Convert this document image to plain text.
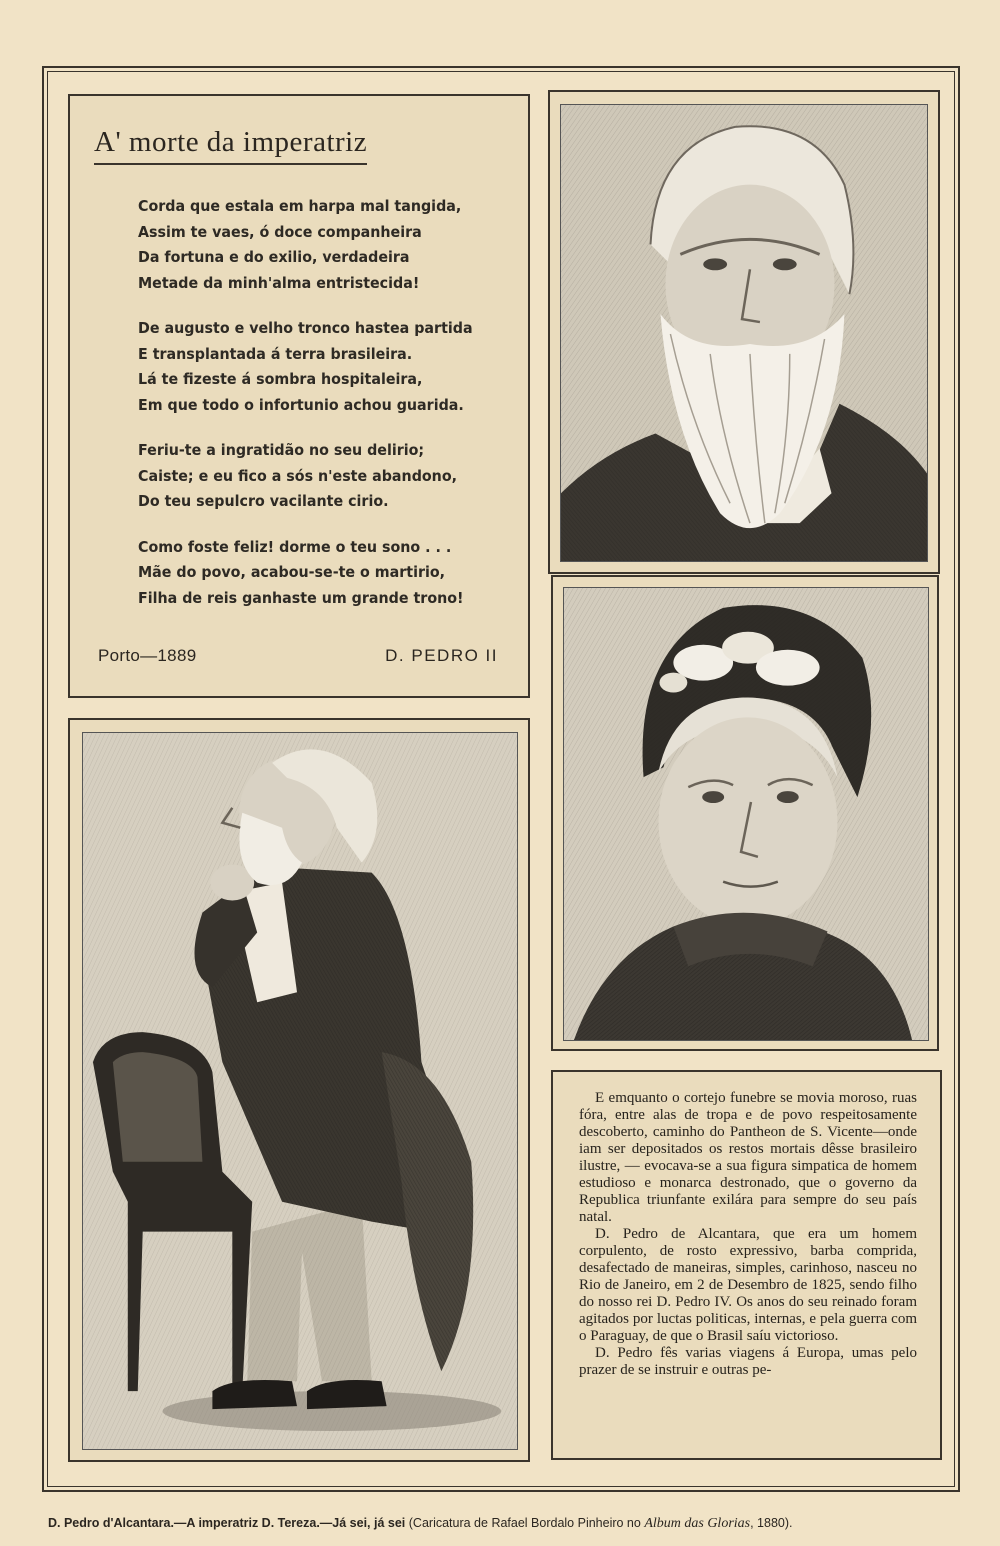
A' morte da imperatriz
Corda que estala em harpa mal tangida,
Assim te vaes, ó doce companheira
Da fortuna e do exilio, verdadeira
Metade da minh'alma entristecida!
De augusto e velho tronco hastea partida
E transplantada á terra brasileira.
Lá te fizeste á sombra hospitaleira,
Em que todo o infortunio achou guarida.
Feriu-te a ingratidão no seu delirio;
Caiste; e eu fico a sós n'este abandono,
Do teu sepulcro vacilante cirio.
Como foste feliz! dorme o teu sono . . .
Mãe do povo, acabou-se-te o martirio,
Filha de reis ganhaste um grande trono!
Porto—1889	D. PEDRO II

E emquanto o cortejo funebre se movia moroso, ruas fóra, entre alas de tropa e de povo respeitosamente descoberto, caminho do Pantheon de S. Vicente—onde iam ser depositados os restos mortais dêsse brasileiro ilustre, — evocava-se a sua figura simpatica de homem estudioso e monarca destronado, que o governo da Republica triunfante exilára para sempre do seu país natal.

D. Pedro de Alcantara, que era um homem corpulento, de rosto expressivo, barba comprida, desafectado de maneiras, simples, carinhoso, nasceu no Rio de Janeiro, em 2 de Desembro de 1825, sendo filho do nosso rei D. Pedro IV. Os anos do seu reinado foram agitados por luctas politicas, internas, e pela guerra com o Paraguay, de que o Brasil saíu victorioso.

D. Pedro fês varias viagens á Europa, umas pelo prazer de se instruir e outras pe-

D. Pedro d'Alcantara.—A imperatriz D. Tereza.—Já sei, já sei (Caricatura de Rafael Bordalo Pinheiro no Album das Glorias, 1880).
